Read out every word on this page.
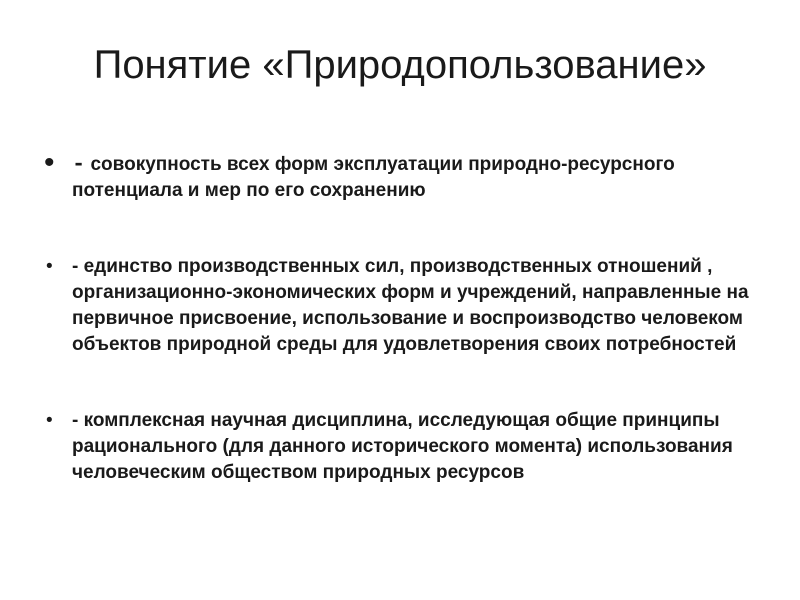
Понятие «Природопользование»
• - совокупность всех форм эксплуатации природно-ресурсного потенциала и мер по его сохранению
• - единство производственных сил, производственных отношений , организационно-экономических форм и учреждений, направленные на первичное присвоение, использование и воспроизводство человеком объектов природной среды для удовлетворения своих потребностей
• - комплексная научная дисциплина, исследующая общие принципы рационального (для данного исторического момента) использования человеческим обществом природных ресурсов
